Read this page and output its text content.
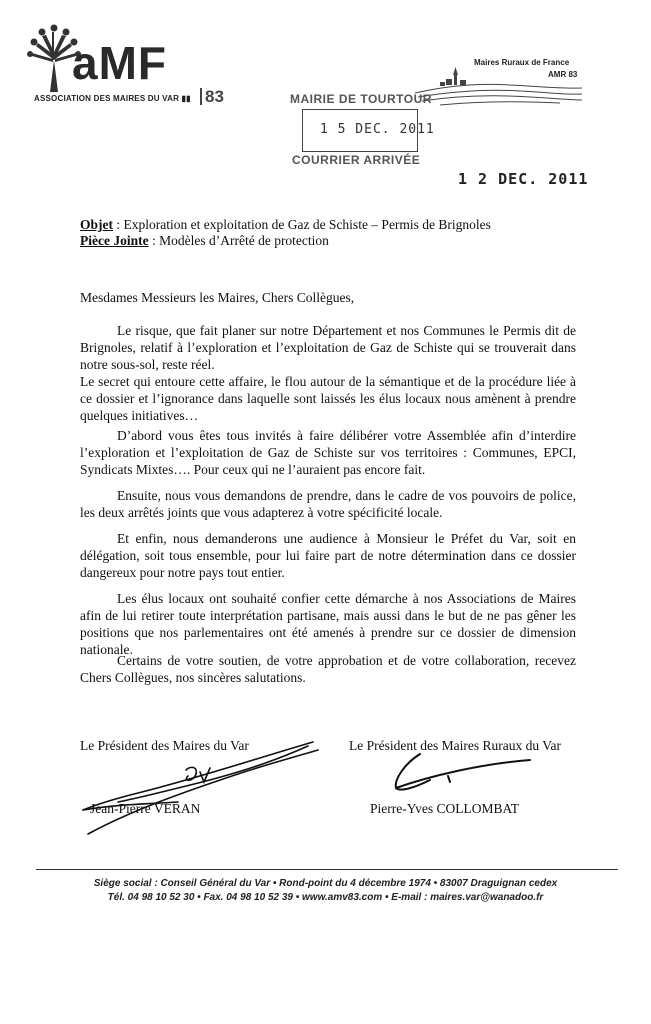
aMF
ASSOCIATION DES MAIRES DU VAR ▮▮ 83
Maires Ruraux de France
AMR 83
MAIRIE DE TOURTOUR
1 5 DEC. 2011
COURRIER ARRIVÉE
1 2 DEC. 2011
Objet : Exploration et exploitation de Gaz de Schiste – Permis de Brignoles
Pièce Jointe : Modèles d’Arrêté de protection
Mesdames Messieurs les Maires, Chers Collègues,

Le risque, que fait planer sur notre Département et nos Communes le Permis dit de Brignoles, relatif à l’exploration et l’exploitation de Gaz de Schiste qui se trouverait dans notre sous-sol, reste réel.

Le secret qui entoure cette affaire, le flou autour de la sémantique et de la procédure liée à ce dossier et l’ignorance dans laquelle sont laissés les élus locaux nous amènent à prendre quelques initiatives…

D’abord vous êtes tous invités à faire délibérer votre Assemblée afin d’interdire l’exploration et l’exploitation de Gaz de Schiste sur vos territoires : Communes, EPCI, Syndicats Mixtes…. Pour ceux qui ne l’auraient pas encore fait.

Ensuite, nous vous demandons de prendre, dans le cadre de vos pouvoirs de police, les deux arrêtés joints que vous adapterez à votre spécificité locale.

Et enfin, nous demanderons une audience à Monsieur le Préfet du Var, soit en délégation, soit tous ensemble, pour lui faire part de notre détermination dans ce dossier dangereux pour notre pays tout entier.

Les élus locaux ont souhaité confier cette démarche à nos Associations de Maires afin de lui retirer toute interprétation partisane, mais aussi dans le but de ne pas gêner les positions que nos parlementaires ont été amenés à prendre sur ce dossier de dimension nationale.

Certains de votre soutien, de votre approbation et de votre collaboration, recevez Chers Collègues, nos sincères salutations.

Le Président des Maires du Var	Le Président des Maires Ruraux du Var
Jean-Pierre VERAN	Pierre-Yves COLLOMBAT
Siège social : Conseil Général du Var • Rond-point du 4 décembre 1974 • 83007 Draguignan cedex
Tél. 04 98 10 52 30 • Fax. 04 98 10 52 39 • www.amv83.com • E-mail : maires.var@wanadoo.fr
